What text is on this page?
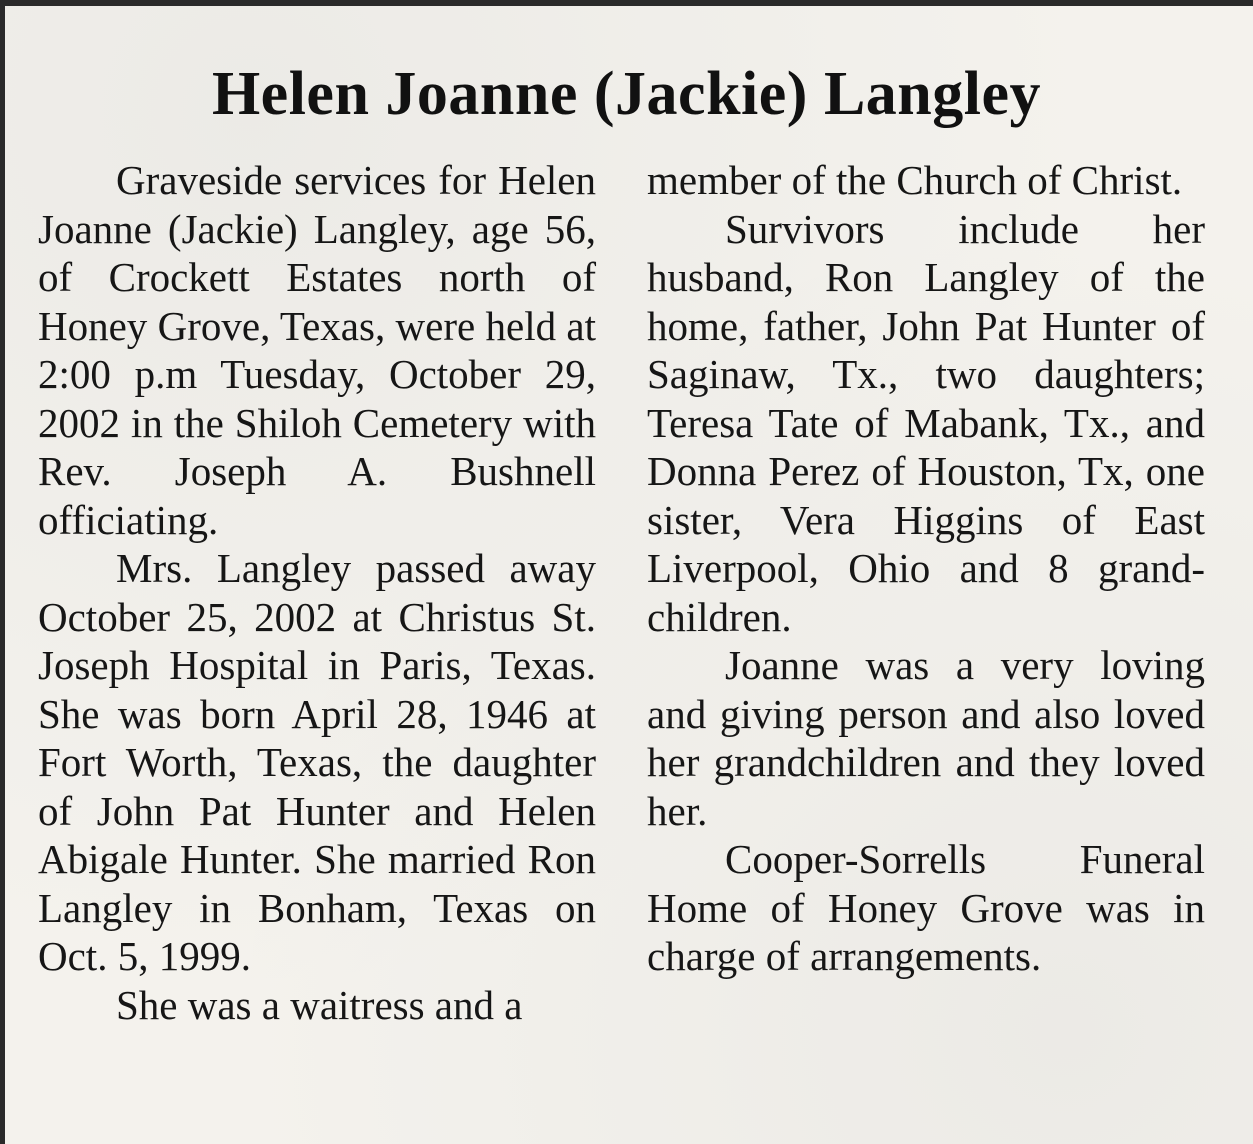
Helen Joanne (Jackie) Langley

Graveside services for Helen Joanne (Jackie) Langley, age 56, of Crockett Estates north of Honey Grove, Texas, were held at 2:00 p.m Tuesday, October 29, 2002 in the Shiloh Cemetery with Rev. Joseph A. Bushnell officiating.

Mrs. Langley passed away October 25, 2002 at Christus St. Joseph Hospital in Paris, Texas. She was born April 28, 1946 at Fort Worth, Texas, the daughter of John Pat Hunter and Helen Abigale Hunter. She married Ron Langley in Bonham, Texas on Oct. 5, 1999.

She was a waitress and a

member of the Church of Christ.

Survivors include her husband, Ron Langley of the home, father, John Pat Hunter of Saginaw, Tx., two daughters; Teresa Tate of Mabank, Tx., and Donna Perez of Houston, Tx, one sister, Vera Higgins of East Liverpool, Ohio and 8 grand-children.

Joanne was a very loving and giving person and also loved her grandchildren and they loved her.

Cooper-Sorrells Funeral Home of Honey Grove was in charge of arrangements.
